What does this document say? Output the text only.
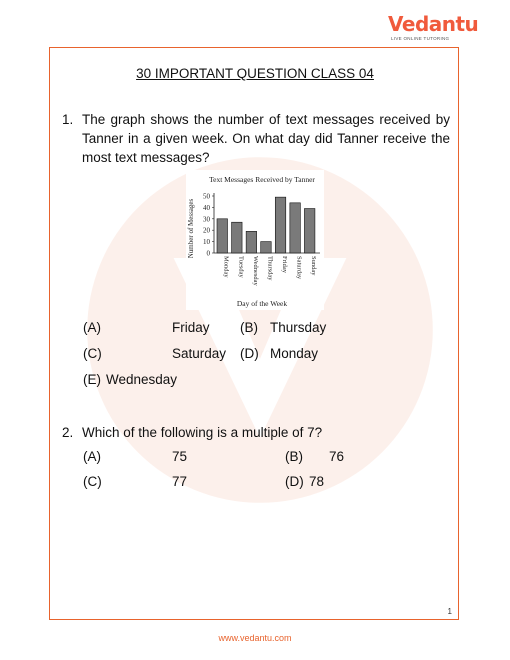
Vedantu
LIVE ONLINE TUTORING
30 IMPORTANT QUESTION CLASS 04
1. The graph shows the number of text messages received by Tanner in a given week. On what day did Tanner receive the most text messages?
Text Messages Received by Tanner
Day of the Week
Number of Messages 0
10
20
30
40
50
Monday Tuesday Wednesday Thursday Friday Saturday Sunday
(A)	Friday (B) Thursday
(C)	Saturday (D) Monday
(E) Wednesday
2. Which of the following is a multiple of 7?
(A)	75	(B) 76
(C)	77	(D) 78
1
www.vedantu.com
